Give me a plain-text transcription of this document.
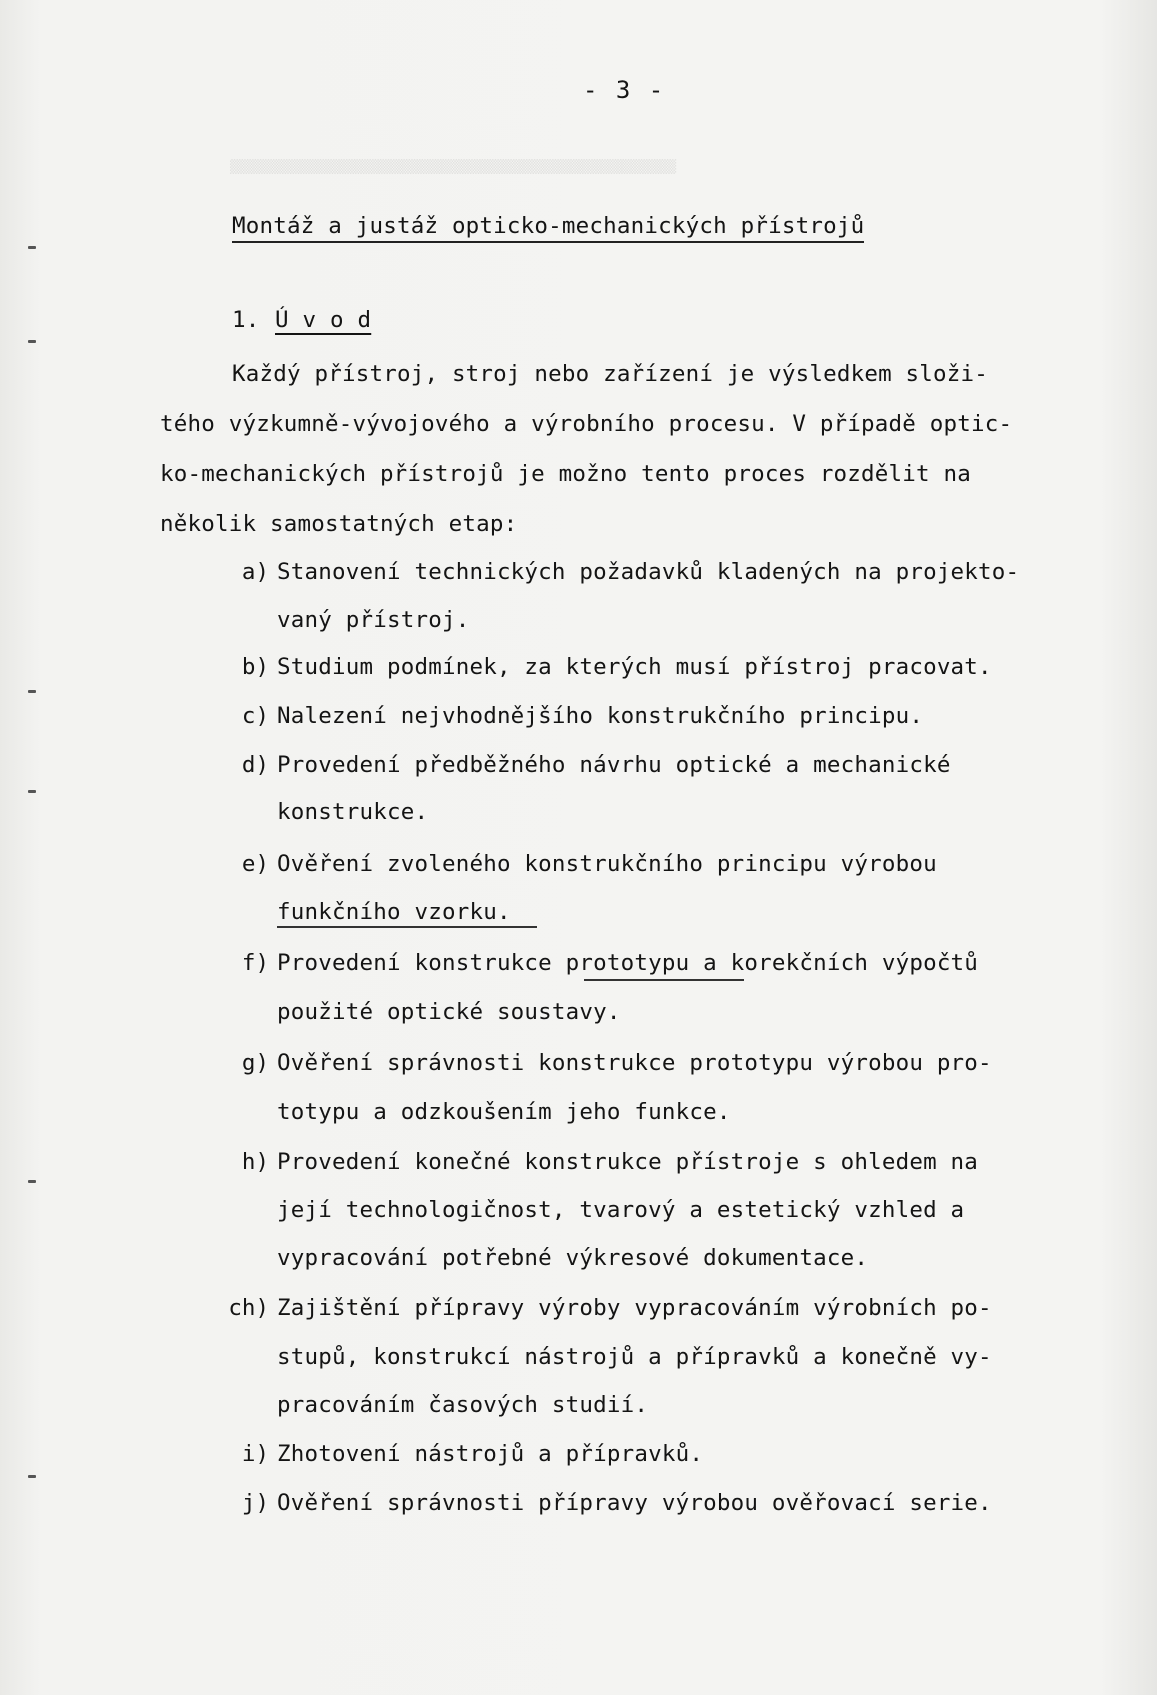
▒▒▒▒▒▒▒▒▒▒▒▒▒▒▒▒▒▒▒▒▒▒▒▒▒▒▒▒▒▒▒▒▒▒▒▒▒▒▒▒▒▒▒▒▒▒▒▒▒▒▒▒▒▒▒▒▒
- 3 -
Montáž a justáž opticko-mechanických přístrojů
1. Ú v o d
Každý přístroj, stroj nebo zařízení je výsledkem složi-
tého výzkumně-vývojového a výrobního procesu. V případě optic-
ko-mechanických přístrojů je možno tento proces rozdělit na
několik samostatných etap:
a) Stanovení technických požadavků kladených na projekto-
vaný přístroj.
b) Studium podmínek, za kterých musí přístroj pracovat.
c) Nalezení nejvhodnějšího konstrukčního principu.
d) Provedení předběžného návrhu optické a mechanické
konstrukce.
e) Ověření zvoleného konstrukčního principu výrobou
funkčního vzorku.
f) Provedení konstrukce prototypu a korekčních výpočtů
použité optické soustavy.
g) Ověření správnosti konstrukce prototypu výrobou pro-
totypu a odzkoušením jeho funkce.
h) Provedení konečné konstrukce přístroje s ohledem na
její technologičnost, tvarový a estetický vzhled a
vypracování potřebné výkresové dokumentace.
ch) Zajištění přípravy výroby vypracováním výrobních po-
stupů, konstrukcí nástrojů a přípravků a konečně vy-
pracováním časových studií.
i) Zhotovení nástrojů a přípravků.
j) Ověření správnosti přípravy výrobou ověřovací serie.
